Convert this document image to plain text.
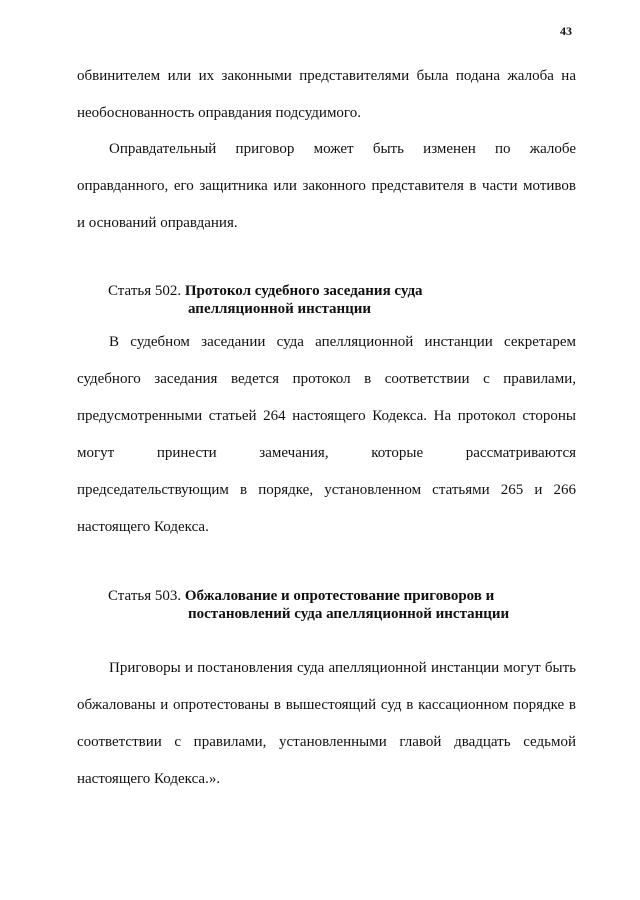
43
обвинителем или их законными представителями была подана жалоба на
необоснованность оправдания подсудимого.
Оправдательный приговор может быть изменен по жалобе
оправданного, его защитника или законного представителя в части мотивов
и оснований оправдания.
Статья 502. Протокол судебного заседания суда
апелляционной инстанции
В судебном заседании суда апелляционной инстанции секретарем
судебного заседания ведется протокол в соответствии с правилами,
предусмотренными статьей 264 настоящего Кодекса. На протокол стороны
могут принести замечания, которые рассматриваются
председательствующим в порядке, установленном статьями 265 и 266
настоящего Кодекса.
Статья 503. Обжалование и опротестование приговоров и
постановлений суда апелляционной инстанции
Приговоры и постановления суда апелляционной инстанции могут быть
обжалованы и опротестованы в вышестоящий суд в кассационном порядке в
соответствии с правилами, установленными главой двадцать седьмой
настоящего Кодекса.».
